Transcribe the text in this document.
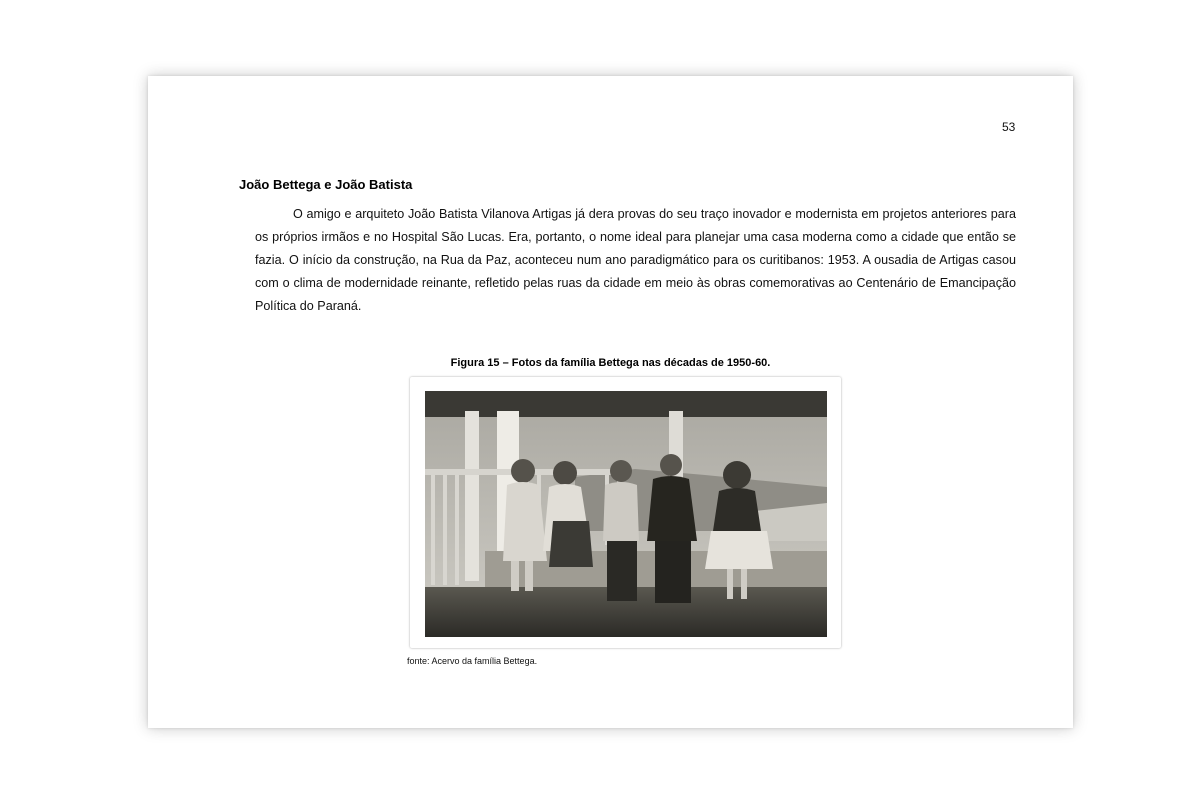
53
João Bettega e João Batista

O amigo e arquiteto João Batista Vilanova Artigas já dera provas do seu traço inovador e modernista em projetos anteriores para os próprios irmãos e no Hospital São Lucas. Era, portanto, o nome ideal para planejar uma casa moderna como a cidade que então se fazia. O início da construção, na Rua da Paz, aconteceu num ano paradigmático para os curitibanos: 1953. A ousadia de Artigas casou com o clima de modernidade reinante, refletido pelas ruas da cidade em meio às obras comemorativas ao Centenário de Emancipação Política do Paraná.

Figura 15 – Fotos da família Bettega nas décadas de 1950-60.
fonte: Acervo da família Bettega.
